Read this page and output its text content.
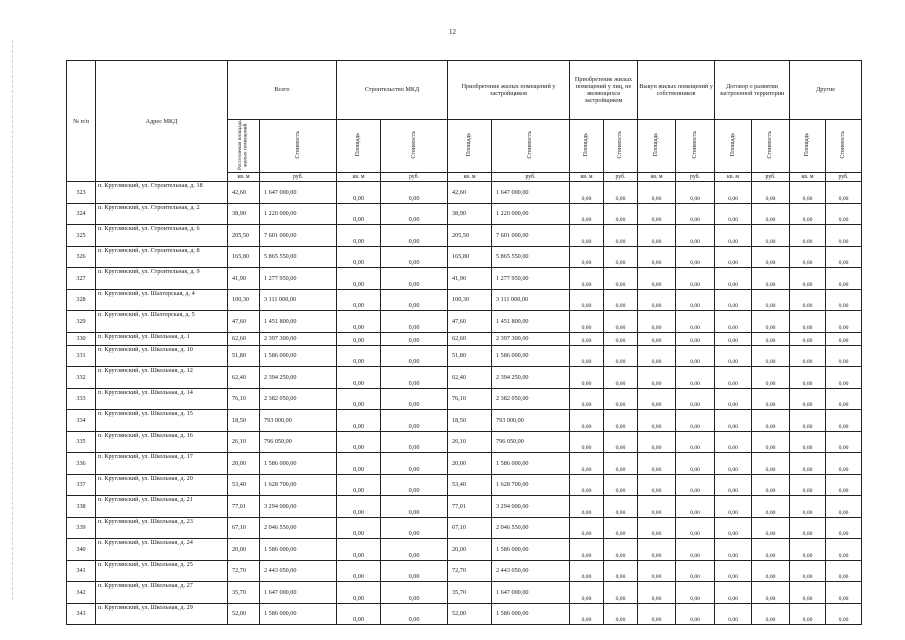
12
№ п/п	Адрес МКД	Всего		Строительство МКД		Приобретение жилых помещений у застройщиков		Приобретение жилых помещений у лиц, не являющихся застройщиком		Выкуп жилых помещений у собственников		Договор о развитии застроенной территории		Другие	
		Расселяемая площадь жилых помещений	Стоимость	Площадь	Стоимость	Площадь	Стоимость	Площадь	Стоимость	Площадь	Стоимость	Площадь	Стоимость	Площадь	Стоимость
		кв. м	руб.	кв. м	руб.	кв. м	руб.	кв. м	руб.	кв. м	руб.	кв. м	руб.	кв. м	руб.
323	п. Круглянский, ул. Строительная, д. 18	42,60	1 647 000,00	0,00	0,00	42,60	1 647 000,00	0,00	0,00	0,00	0,00	0,00	0,00	0,00	0,00
324	п. Круглянский, ул. Строительная, д. 2	38,90	1 220 000,00	0,00	0,00	38,90	1 220 000,00	0,00	0,00	0,00	0,00	0,00	0,00	0,00	0,00
325	п. Круглянский, ул. Строительная, д. 6	205,50	7 601 000,00	0,00	0,00	205,50	7 601 000,00	0,00	0,00	0,00	0,00	0,00	0,00	0,00	0,00
326	п. Круглянский, ул. Строительная, д. 8	165,80	5 865 550,00	0,00	0,00	165,80	5 865 550,00	0,00	0,00	0,00	0,00	0,00	0,00	0,00	0,00
327	п. Круглянский, ул. Строительная, д. 9	41,90	1 277 950,00	0,00	0,00	41,90	1 277 950,00	0,00	0,00	0,00	0,00	0,00	0,00	0,00	0,00
328	п. Круглянский, ул. Шахтерская, д. 4	100,30	3 111 000,00	0,00	0,00	100,30	3 111 000,00	0,00	0,00	0,00	0,00	0,00	0,00	0,00	0,00
329	п. Круглянский, ул. Шахтерская, д. 5	47,60	1 451 800,00	0,00	0,00	47,60	1 451 800,00	0,00	0,00	0,00	0,00	0,00	0,00	0,00	0,00
330	п. Круглянский, ул. Школьная, д. 1	62,60	2 397 300,00	0,00	0,00	62,60	2 397 300,00	0,00	0,00	0,00	0,00	0,00	0,00	0,00	0,00
331	п. Круглянский, ул. Школьная, д. 10	51,80	1 586 000,00	0,00	0,00	51,80	1 586 000,00	0,00	0,00	0,00	0,00	0,00	0,00	0,00	0,00
332	п. Круглянский, ул. Школьная, д. 12	62,40	2 394 250,00	0,00	0,00	62,40	2 394 250,00	0,00	0,00	0,00	0,00	0,00	0,00	0,00	0,00
333	п. Круглянский, ул. Школьная, д. 14	76,10	2 382 050,00	0,00	0,00	76,10	2 382 050,00	0,00	0,00	0,00	0,00	0,00	0,00	0,00	0,00
334	п. Круглянский, ул. Школьная, д. 15	18,50	793 000,00	0,00	0,00	18,50	793 000,00	0,00	0,00	0,00	0,00	0,00	0,00	0,00	0,00
335	п. Круглянский, ул. Школьная, д. 16	26,10	796 050,00	0,00	0,00	26,10	796 050,00	0,00	0,00	0,00	0,00	0,00	0,00	0,00	0,00
336	п. Круглянский, ул. Школьная, д. 17	20,00	1 586 000,00	0,00	0,00	20,00	1 586 000,00	0,00	0,00	0,00	0,00	0,00	0,00	0,00	0,00
337	п. Круглянский, ул. Школьная, д. 20	53,40	1 628 700,00	0,00	0,00	53,40	1 628 700,00	0,00	0,00	0,00	0,00	0,00	0,00	0,00	0,00
338	п. Круглянский, ул. Школьная, д. 21	77,01	3 294 000,00	0,00	0,00	77,01	3 294 000,00	0,00	0,00	0,00	0,00	0,00	0,00	0,00	0,00
339	п. Круглянский, ул. Школьная, д. 23	67,10	2 046 550,00	0,00	0,00	67,10	2 046 550,00	0,00	0,00	0,00	0,00	0,00	0,00	0,00	0,00
340	п. Круглянский, ул. Школьная, д. 24	20,00	1 586 000,00	0,00	0,00	20,00	1 586 000,00	0,00	0,00	0,00	0,00	0,00	0,00	0,00	0,00
341	п. Круглянский, ул. Школьная, д. 25	72,70	2 443 050,00	0,00	0,00	72,70	2 443 050,00	0,00	0,00	0,00	0,00	0,00	0,00	0,00	0,00
342	п. Круглянский, ул. Школьная, д. 27	35,70	1 647 000,00	0,00	0,00	35,70	1 647 000,00	0,00	0,00	0,00	0,00	0,00	0,00	0,00	0,00
343	п. Круглянский, ул. Школьная, д. 29	52,00	1 586 000,00	0,00	0,00	52,00	1 586 000,00	0,00	0,00	0,00	0,00	0,00	0,00	0,00	0,00
